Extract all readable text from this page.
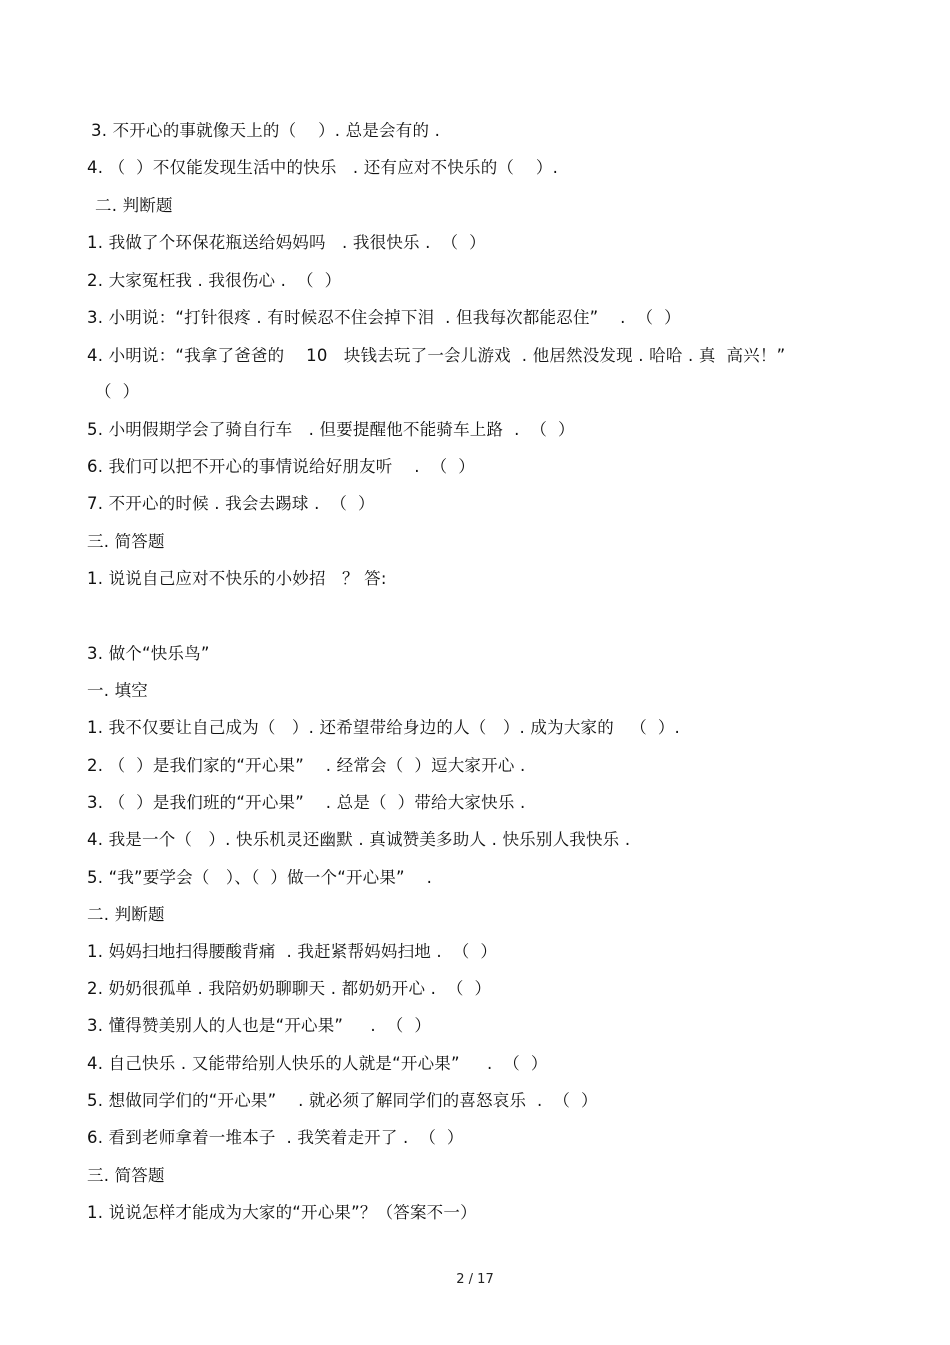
3. 不开心的事就像天上的（    ）. 总是会有的 .
4. （  ）不仅能发现生活中的快乐   . 还有应对不快乐的（    ）.
二. 判断题
1. 我做了个环保花瓶送给妈妈吗   . 我很快乐 .  （  ）
2. 大家冤枉我 . 我很伤心 .  （  ）
3. 小明说：“打针很疼 . 有时候忍不住会掉下泪  . 但我每次都能忍住”    .  （  ）
4. 小明说：“我拿了爸爸的    10   块钱去玩了一会儿游戏  . 他居然没发现 . 哈哈 . 真  高兴！”
（  ）
5. 小明假期学会了骑自行车   . 但要提醒他不能骑车上路  .  （  ）
6. 我们可以把不开心的事情说给好朋友听    .  （  ）
7. 不开心的时候 . 我会去踢球 .  （  ）
三. 简答题
1. 说说自己应对不快乐的小妙招   ？ 答:
3. 做个“快乐鸟”
一. 填空
1. 我不仅要让自己成为（   ）. 还希望带给身边的人（   ）. 成为大家的   （  ）.
2. （  ）是我们家的“开心果”    . 经常会（  ）逗大家开心 .
3. （  ）是我们班的“开心果”    . 总是（  ）带给大家快乐 .
4. 我是一个（   ）. 快乐机灵还幽默 . 真诚赞美多助人 . 快乐别人我快乐 .
5. “我”要学会（   ）、（  ）做一个“开心果”    .
二. 判断题
1. 妈妈扫地扫得腰酸背痛  . 我赶紧帮妈妈扫地 .  （  ）
2. 奶奶很孤单 . 我陪奶奶聊聊天 . 都奶奶开心 .  （  ）
3. 懂得赞美别人的人也是“开心果”     .  （  ）
4. 自己快乐 . 又能带给别人快乐的人就是“开心果”     .  （  ）
5. 想做同学们的“开心果”    . 就必须了解同学们的喜怒哀乐  .  （  ）
6. 看到老师拿着一堆本子  . 我笑着走开了 .  （  ）
三. 简答题
1. 说说怎样才能成为大家的“开心果”？（答案不一）
2 / 17
